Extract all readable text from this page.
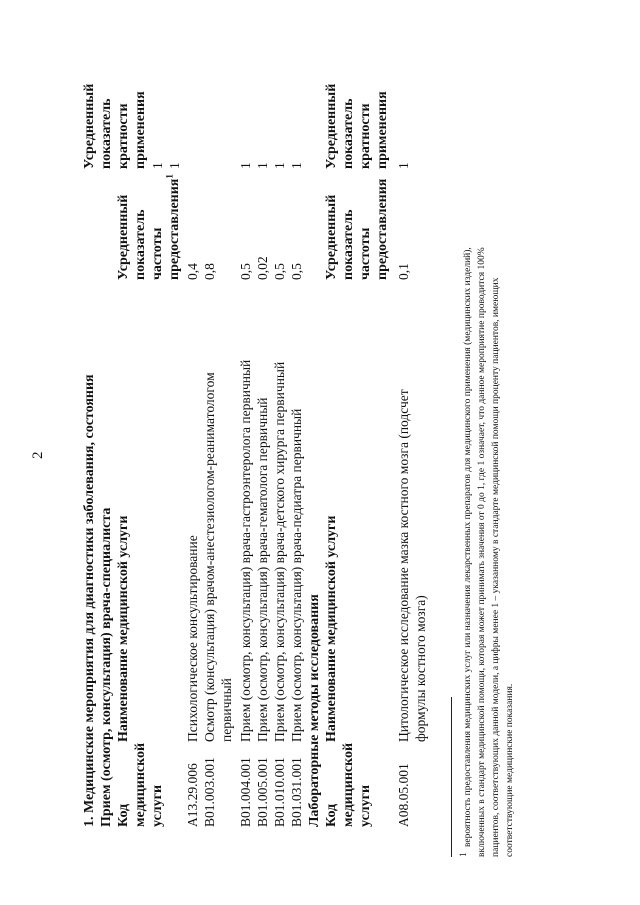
2	1. Медицинские мероприятия для диагностики заболевания, состояния Прием (осмотр, консультация) врача-специалиста Код медицинской услуги
Наименование медицинской услуги
Усредненный показатель частоты предоставления$^1$
Усредненный показатель кратности применения
A13.29.006
Психологическое консультирование
0,4
1
B01.003.001
Осмотр (консультация) врачом-анестезиологом-реаниматологом первичный
0,8
1
B01.004.001
Прием (осмотр, консультация) врача-гастроэнтеролога первичный
0,5
1
B01.005.001
Прием (осмотр, консультация) врача-гематолога первичный
0,02
1
B01.010.001
Прием (осмотр, консультация) врача-детского хирурга первичный
0,5
1
B01.031.001
Прием (осмотр, консультация) врача-педиатра первичный
0,5
1
Лабораторные методы исследования Код медицинской услуги
Наименование медицинской услуги
Усредненный показатель частоты предоставления
Усредненный показатель кратности применения
A08.05.001
Цитологическое исследование мазка костного мозга (подсчет формулы костного мозга)
0,1
1
1
вероятность предоставления медицинских услуг или назначения лекарственных препаратов для медицинского применения (медицинских изделий), включенных в стандарт медицинской помощи, которая может принимать значения от 0 до 1, где 1 означает, что данное мероприятие проводится 100% пациентов, соответствующих данной модели, а цифры менее 1 – указанному в стандарте медицинской помощи проценту пациентов, имеющих соответствующие медицинские показания.
